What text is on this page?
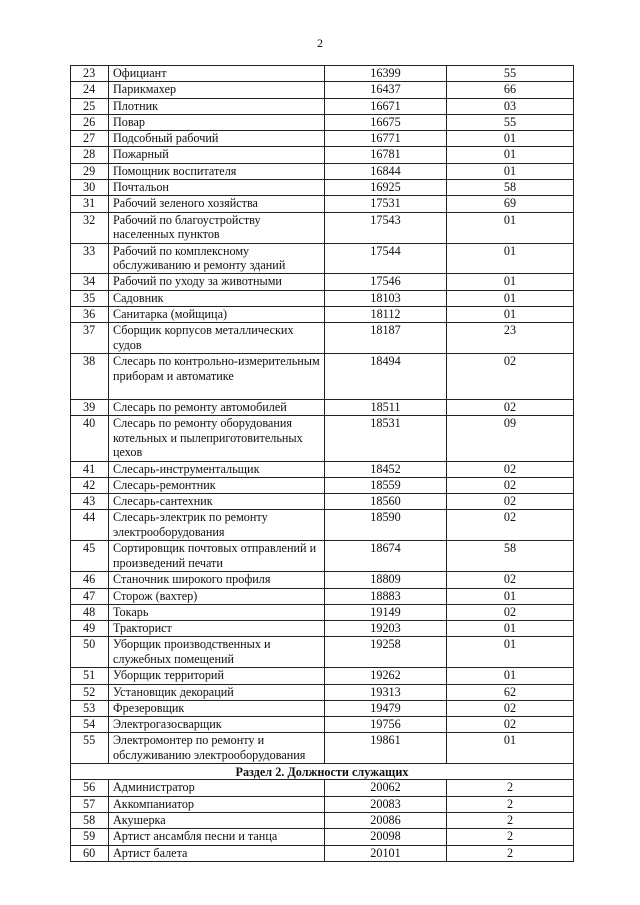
2
23	Официант	16399	55
24	Парикмахер	16437	66
25	Плотник	16671	03
26	Повар	16675	55
27	Подсобный рабочий	16771	01
28	Пожарный	16781	01
29	Помощник воспитателя	16844	01
30	Почтальон	16925	58
31	Рабочий зеленого хозяйства	17531	69
32	Рабочий по благоустройству населенных пунктов	17543	01
33	Рабочий по комплексному обслуживанию и ремонту зданий	17544	01
34	Рабочий по уходу за животными	17546	01
35	Садовник	18103	01
36	Санитарка (мойщица)	18112	01
37	Сборщик корпусов металлических судов	18187	23
38	Слесарь по контрольно-измерительным приборам и автоматике	18494	02
39	Слесарь по ремонту автомобилей	18511	02
40	Слесарь по ремонту оборудования котельных и пылеприготовительных цехов	18531	09
41	Слесарь-инструментальщик	18452	02
42	Слесарь-ремонтник	18559	02
43	Слесарь-сантехник	18560	02
44	Слесарь-электрик по ремонту электрооборудования	18590	02
45	Сортировщик почтовых отправлений и произведений печати	18674	58
46	Станочник широкого профиля	18809	02
47	Сторож (вахтер)	18883	01
48	Токарь	19149	02
49	Тракторист	19203	01
50	Уборщик производственных и служебных помещений	19258	01
51	Уборщик территорий	19262	01
52	Установщик декораций	19313	62
53	Фрезеровщик	19479	02
54	Электрогазосварщик	19756	02
55	Электромонтер по ремонту и обслуживанию электрооборудования	19861	01
Раздел 2. Должности служащих			
56	Администратор	20062	2
57	Аккомпаниатор	20083	2
58	Акушерка	20086	2
59	Артист ансамбля песни и танца	20098	2
60	Артист балета	20101	2
